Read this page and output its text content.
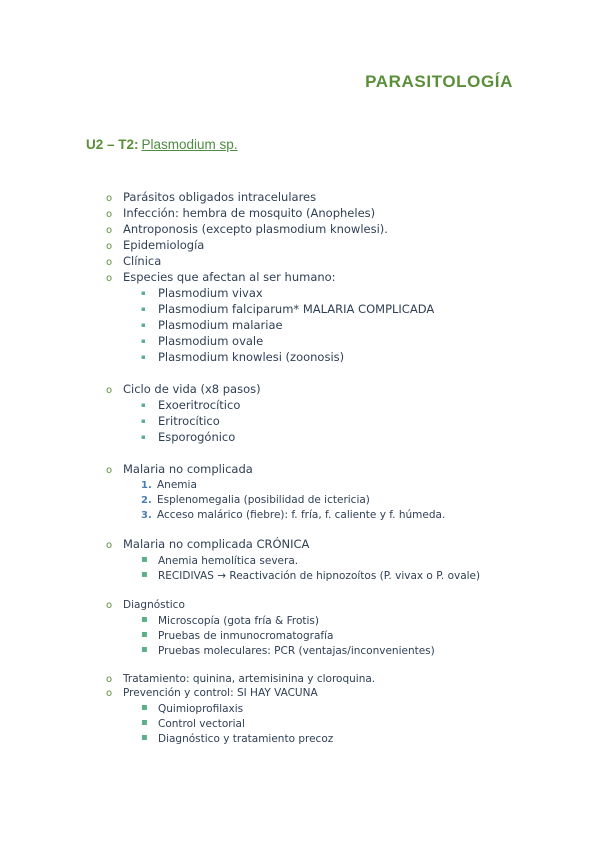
PARASITOLOGÍA
U2 – T2: Plasmodium sp.
o Parásitos obligados intracelulares
o Infección: hembra de mosquito (Anopheles)
o Antroponosis (excepto plasmodium knowlesi).
o Epidemiología
o Clínica
o Especies que afectan al ser humano:
▪ Plasmodium vivax
▪ Plasmodium falciparum* MALARIA COMPLICADA
▪ Plasmodium malariae
▪ Plasmodium ovale
▪ Plasmodium knowlesi (zoonosis)
o Ciclo de vida (x8 pasos)
▪ Exoeritrocítico
▪ Eritrocítico
▪ Esporogónico
o Malaria no complicada
1. Anemia
2. Esplenomegalia (posibilidad de ictericia)
3. Acceso malárico (fiebre): f. fría, f. caliente y f. húmeda.
o Malaria no complicada CRÓNICA
▪ Anemia hemolítica severa.
▪ RECIDIVAS → Reactivación de hipnozoítos (P. vivax o P. ovale)
o Diagnóstico
▪ Microscopía (gota fría & Frotis)
▪ Pruebas de inmunocromatografía
▪ Pruebas moleculares: PCR (ventajas/inconvenientes)
o Tratamiento: quinina, artemisinina y cloroquina.
o Prevención y control: SI HAY VACUNA
▪ Quimioprofilaxis
▪ Control vectorial
▪ Diagnóstico y tratamiento precoz
